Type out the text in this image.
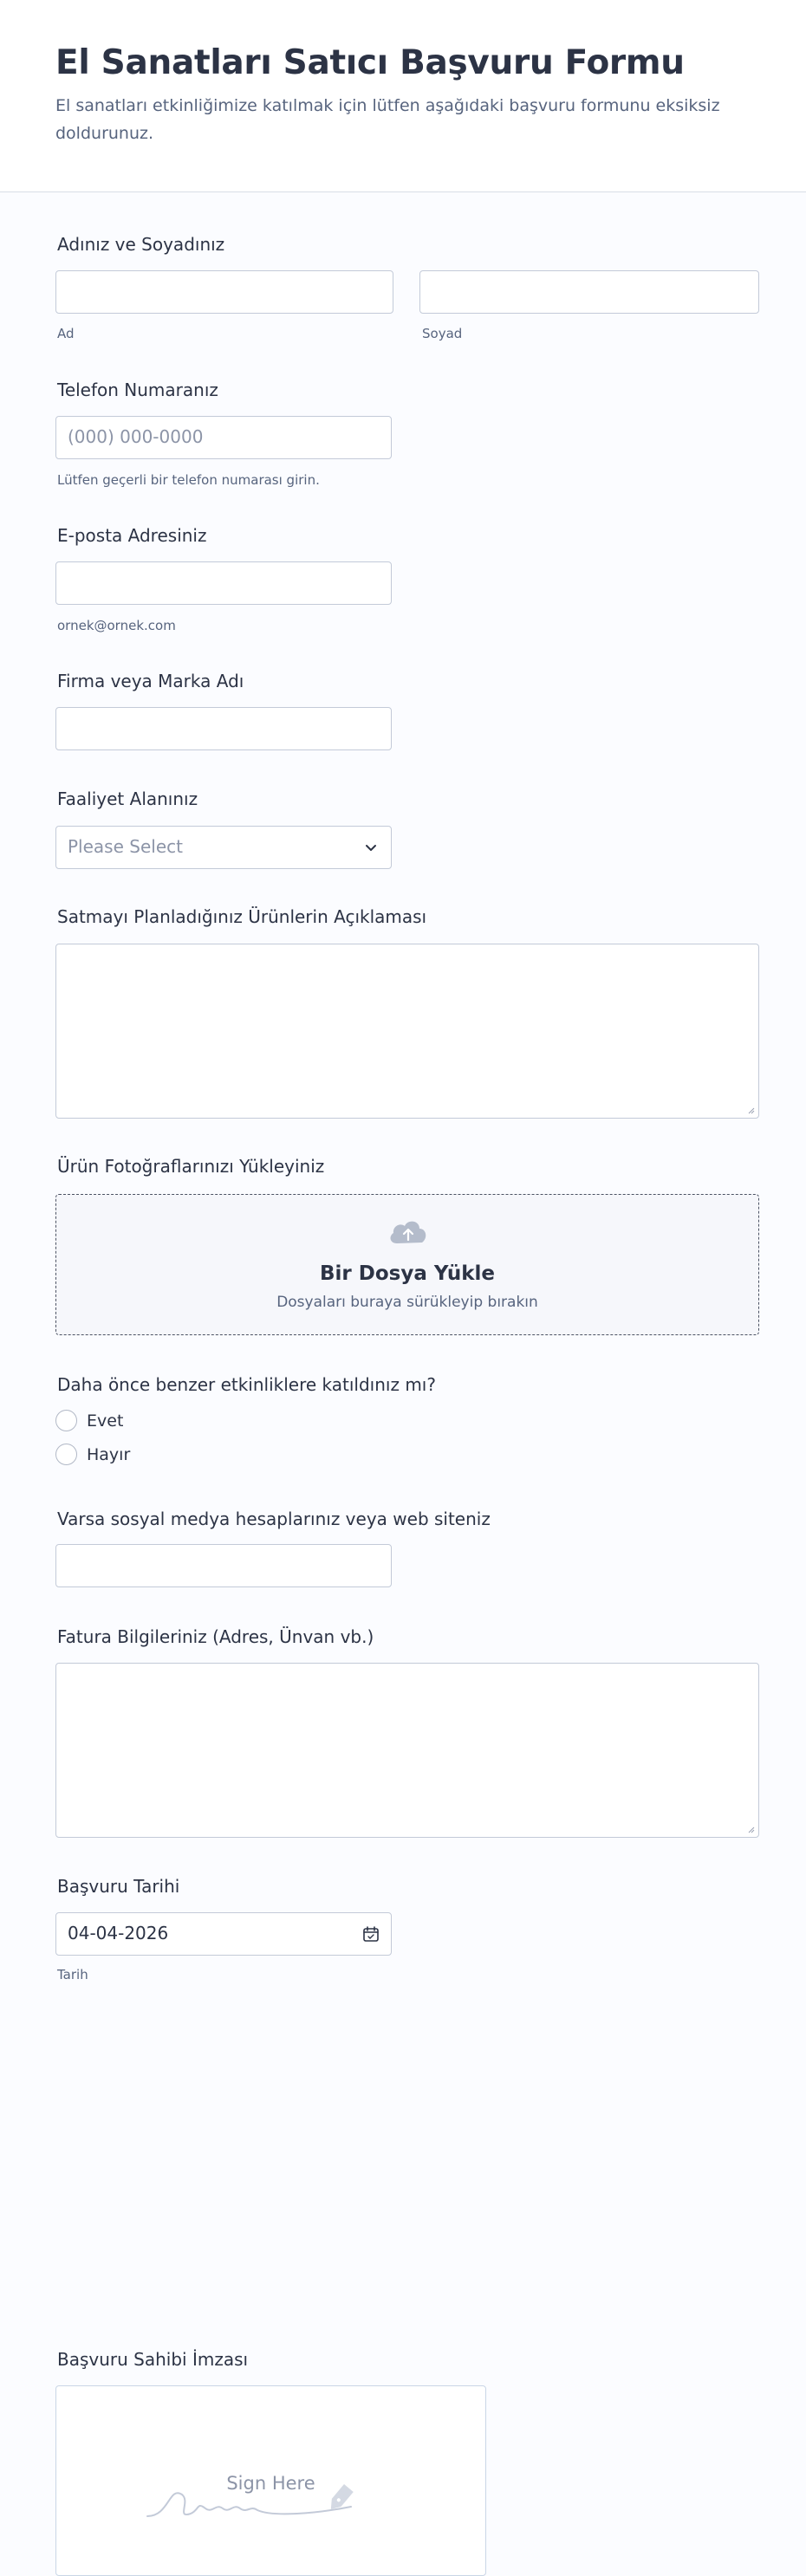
El Sanatları Satıcı Başvuru Formu

El sanatları etkinliğimize katılmak için lütfen aşağıdaki başvuru formunu eksiksiz doldurunuz.

Adınız ve Soyadınız
Ad	Soyad
Telefon Numaranız
(000) 000-0000
Lütfen geçerli bir telefon numarası girin.
E-posta Adresiniz
ornek@ornek.com
Firma veya Marka Adı
Faaliyet Alanınız
Please Select
Satmayı Planladığınız Ürünlerin Açıklaması
Ürün Fotoğraflarınızı Yükleyiniz
Bir Dosya Yükle
Dosyaları buraya sürükleyip bırakın
Daha önce benzer etkinliklere katıldınız mı?
Evet
Hayır
Varsa sosyal medya hesaplarınız veya web siteniz
Fatura Bilgileriniz (Adres, Ünvan vb.)
Başvuru Tarihi
04-04-2026
Tarih
Başvuru Sahibi İmzası
Sign Here
